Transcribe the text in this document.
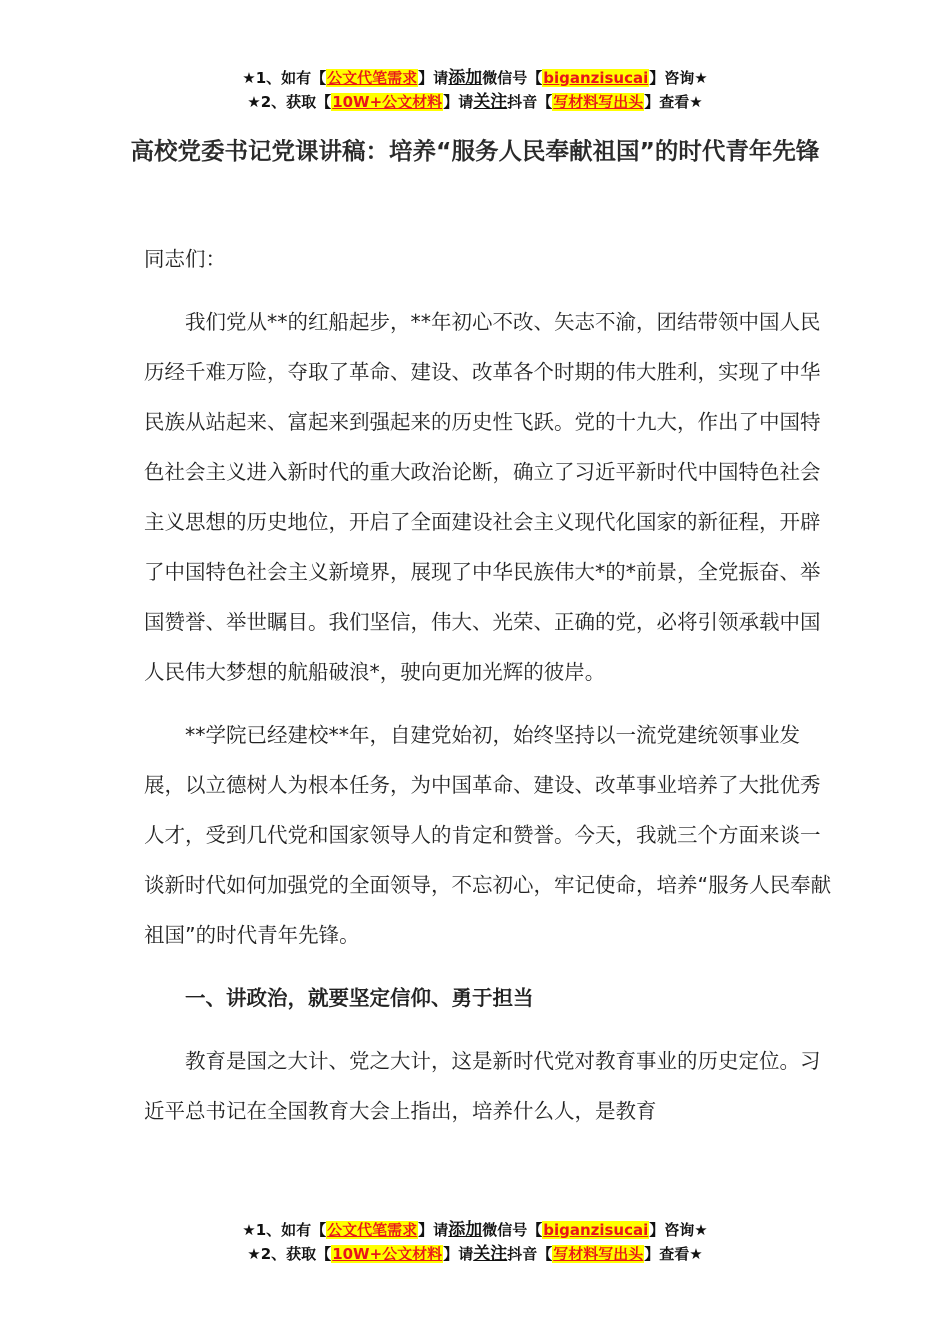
★1、如有【公文代笔需求】请添加微信号【biganzisucai】咨询★
★2、获取【10W+公文材料】请关注抖音【写材料写出头】查看★
高校党委书记党课讲稿：培养“服务人民奉献祖国”的时代青年先锋

同志们：

我们党从**的红船起步，**年初心不改、矢志不渝，团结带领中国人民历经千难万险，夺取了革命、建设、改革各个时期的伟大胜利，实现了中华民族从站起来、富起来到强起来的历史性飞跃。党的十九大，作出了中国特色社会主义进入新时代的重大政治论断，确立了习近平新时代中国特色社会主义思想的历史地位，开启了全面建设社会主义现代化国家的新征程，开辟了中国特色社会主义新境界，展现了中华民族伟大*的*前景，全党振奋、举国赞誉、举世瞩目。我们坚信，伟大、光荣、正确的党，必将引领承载中国人民伟大梦想的航船破浪*，驶向更加光辉的彼岸。

**学院已经建校**年，自建党始初，始终坚持以一流党建统领事业发展，以立德树人为根本任务，为中国革命、建设、改革事业培养了大批优秀人才，受到几代党和国家领导人的肯定和赞誉。今天，我就三个方面来谈一谈新时代如何加强党的全面领导，不忘初心，牢记使命，培养“服务人民奉献祖国”的时代青年先锋。

一、讲政治，就要坚定信仰、勇于担当

教育是国之大计、党之大计，这是新时代党对教育事业的历史定位。习近平总书记在全国教育大会上指出，培养什么人，是教育

★1、如有【公文代笔需求】请添加微信号【biganzisucai】咨询★
★2、获取【10W+公文材料】请关注抖音【写材料写出头】查看★
